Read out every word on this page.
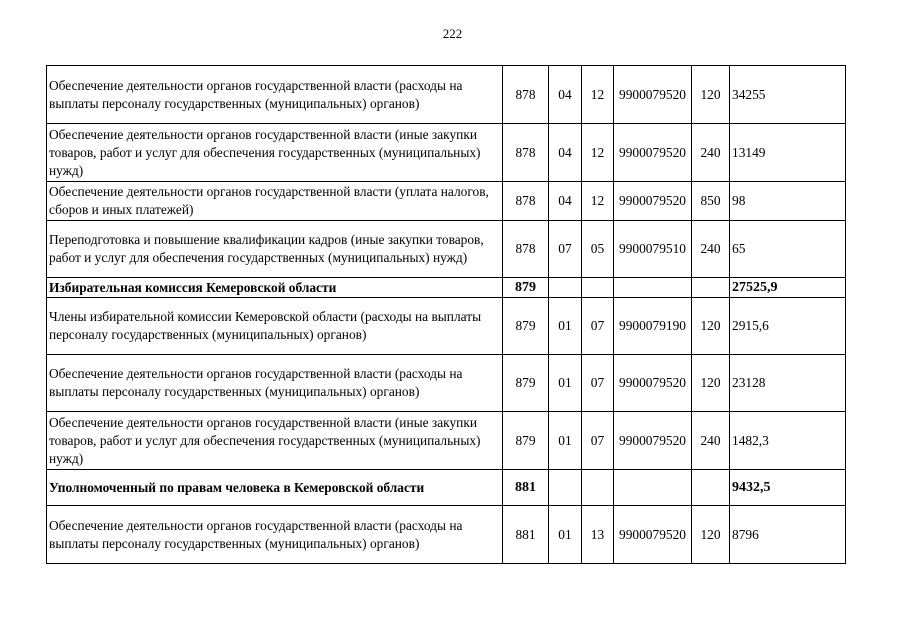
222
Обеспечение деятельности органов государственной власти (расходы на выплаты персоналу государственных (муниципальных) органов)	878	04	12	9900079520	120	34255
Обеспечение деятельности органов государственной власти (иные закупки товаров, работ и услуг для обеспечения государственных (муниципальных) нужд)	878	04	12	9900079520	240	13149
Обеспечение деятельности органов государственной власти (уплата налогов, сборов и иных платежей)	878	04	12	9900079520	850	98
Переподготовка и повышение квалификации кадров (иные закупки товаров, работ и услуг для обеспечения государственных (муниципальных) нужд)	878	07	05	9900079510	240	65
Избирательная комиссия Кемеровской области	879					27525,9
Члены избирательной комиссии Кемеровской области (расходы на выплаты персоналу государственных (муниципальных) органов)	879	01	07	9900079190	120	2915,6
Обеспечение деятельности органов государственной власти (расходы на выплаты персоналу государственных (муниципальных) органов)	879	01	07	9900079520	120	23128
Обеспечение деятельности органов государственной власти (иные закупки товаров, работ и услуг для обеспечения государственных (муниципальных) нужд)	879	01	07	9900079520	240	1482,3
Уполномоченный по правам человека в Кемеровской области	881					9432,5
Обеспечение деятельности органов государственной власти (расходы на выплаты персоналу государственных (муниципальных) органов)	881	01	13	9900079520	120	8796
